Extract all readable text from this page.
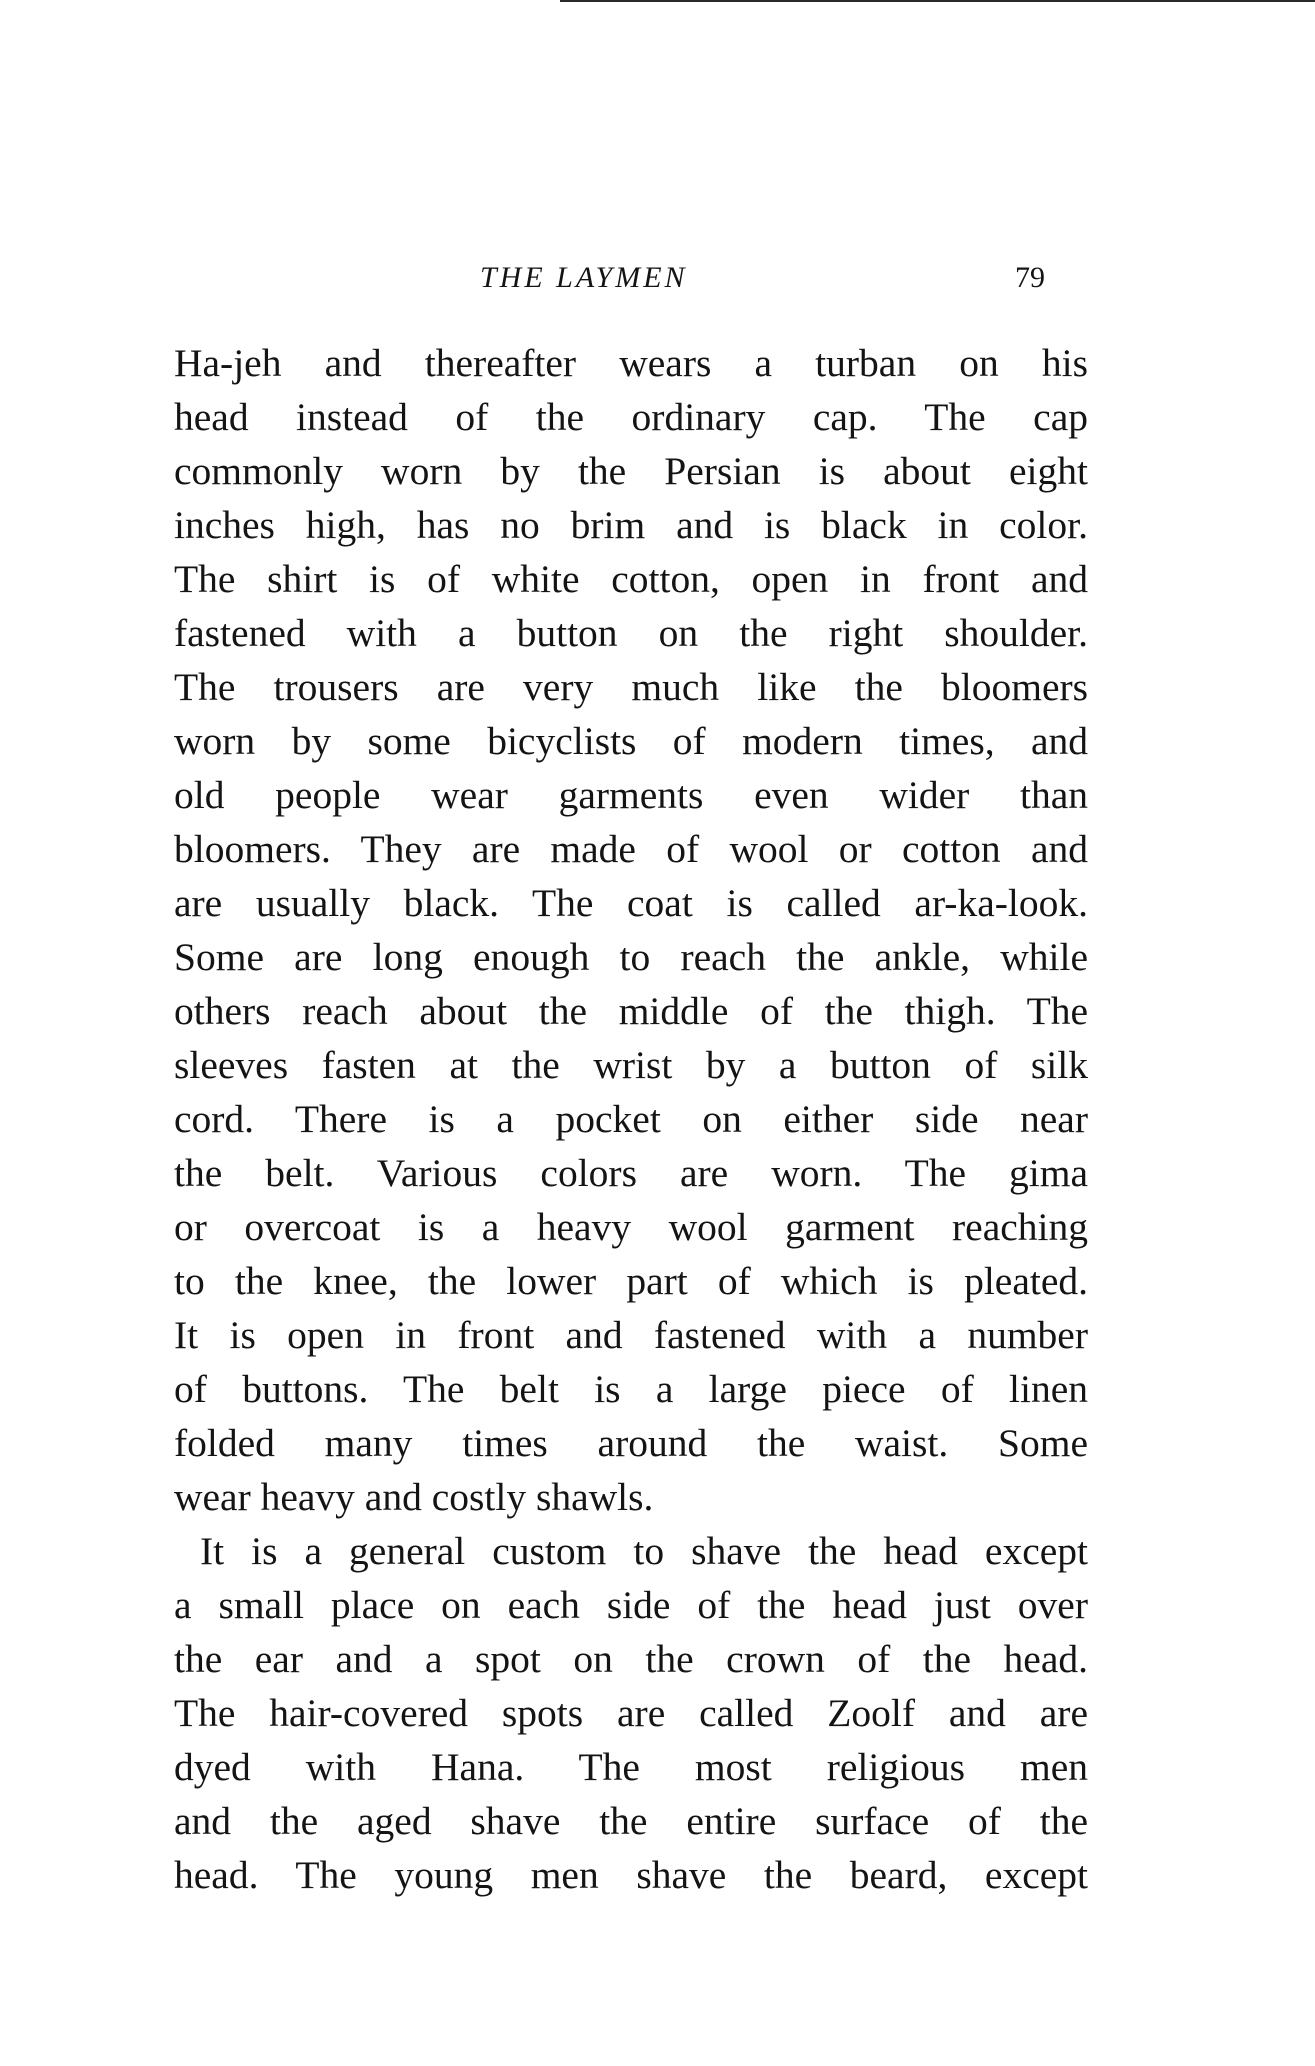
THE LAYMEN	79
Ha-jeh and thereafter wears a turban on his
head instead of the ordinary cap. The cap
commonly worn by the Persian is about eight
inches high, has no brim and is black in color.
The shirt is of white cotton, open in front and
fastened with a button on the right shoulder.
The trousers are very much like the bloomers
worn by some bicyclists of modern times, and
old people wear garments even wider than
bloomers. They are made of wool or cotton and
are usually black. The coat is called ar-ka-look.
Some are long enough to reach the ankle, while
others reach about the middle of the thigh. The
sleeves fasten at the wrist by a button of silk
cord. There is a pocket on either side near
the belt. Various colors are worn. The gima
or overcoat is a heavy wool garment reaching
to the knee, the lower part of which is pleated.
It is open in front and fastened with a number
of buttons. The belt is a large piece of linen
folded many times around the waist. Some
wear heavy and costly shawls.
It is a general custom to shave the head except
a small place on each side of the head just over
the ear and a spot on the crown of the head.
The hair-covered spots are called Zoolf and are
dyed with Hana. The most religious men
and the aged shave the entire surface of the
head. The young men shave the beard, except
